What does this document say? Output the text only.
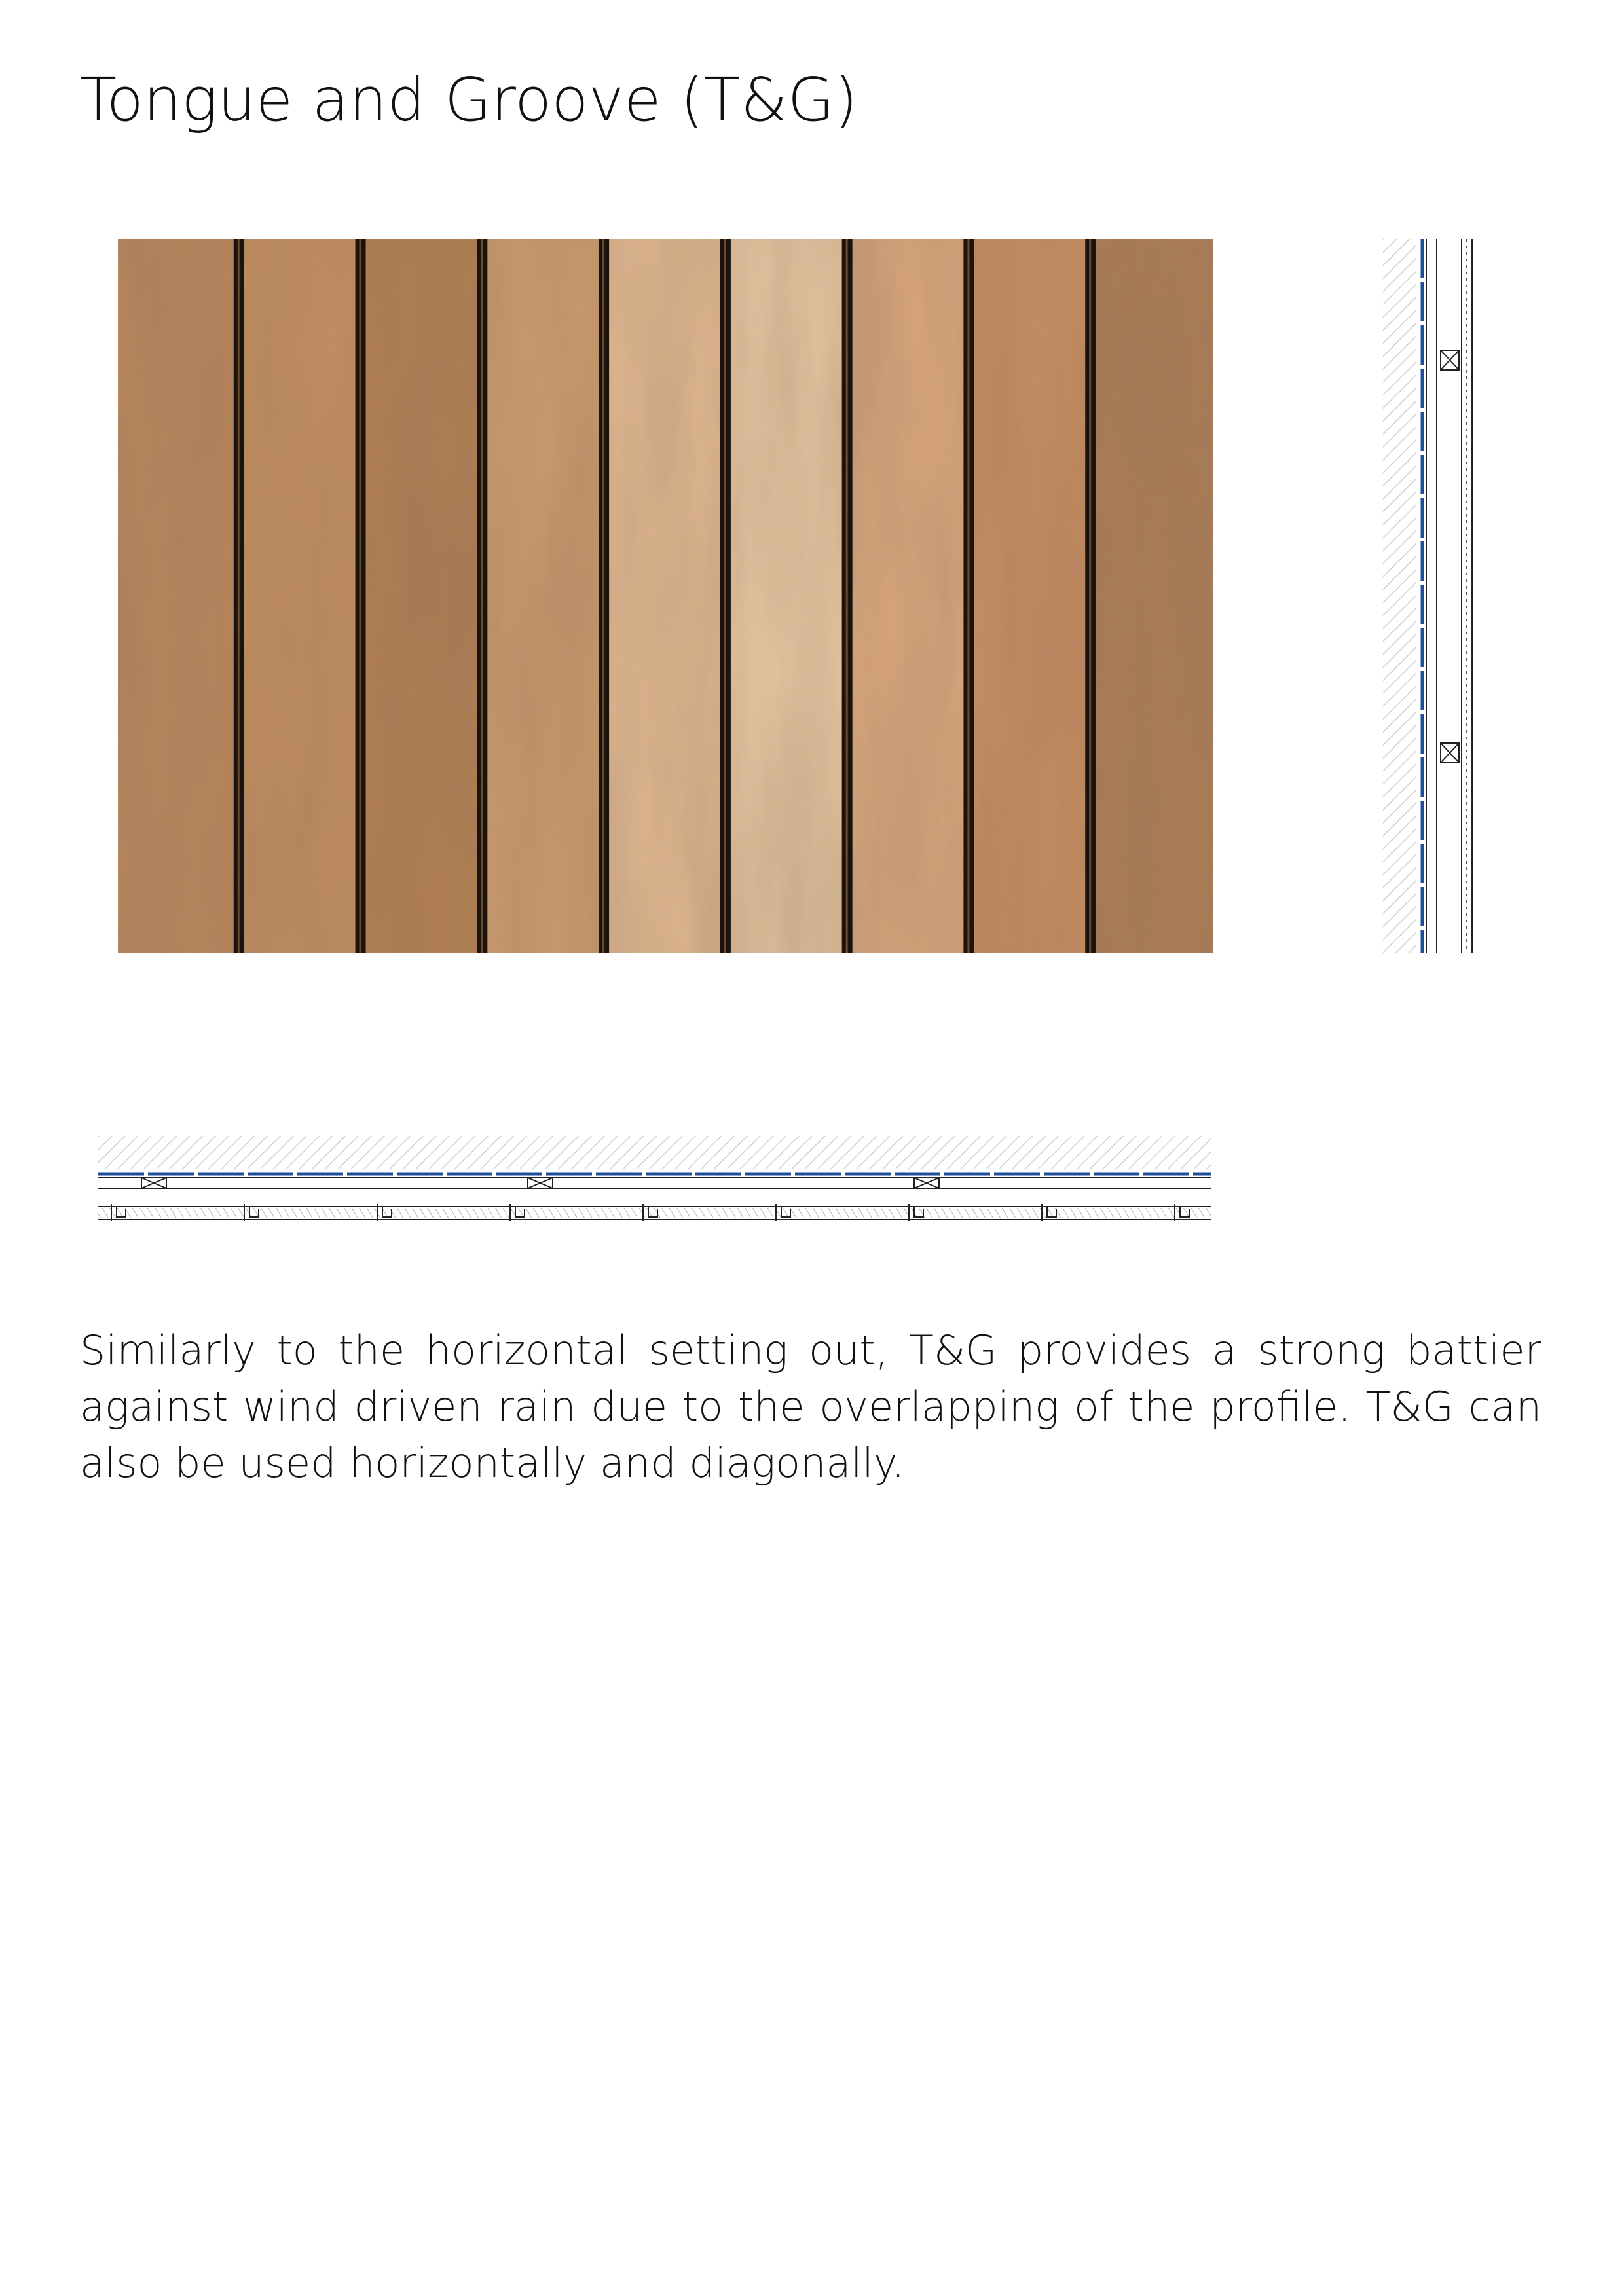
Tongue and Groove (T&G)

Similarly to the horizontal setting out, T&G provides a strong battier against wind driven rain due to the overlapping of the profile. T&G can also be used horizontally and diagonally.
